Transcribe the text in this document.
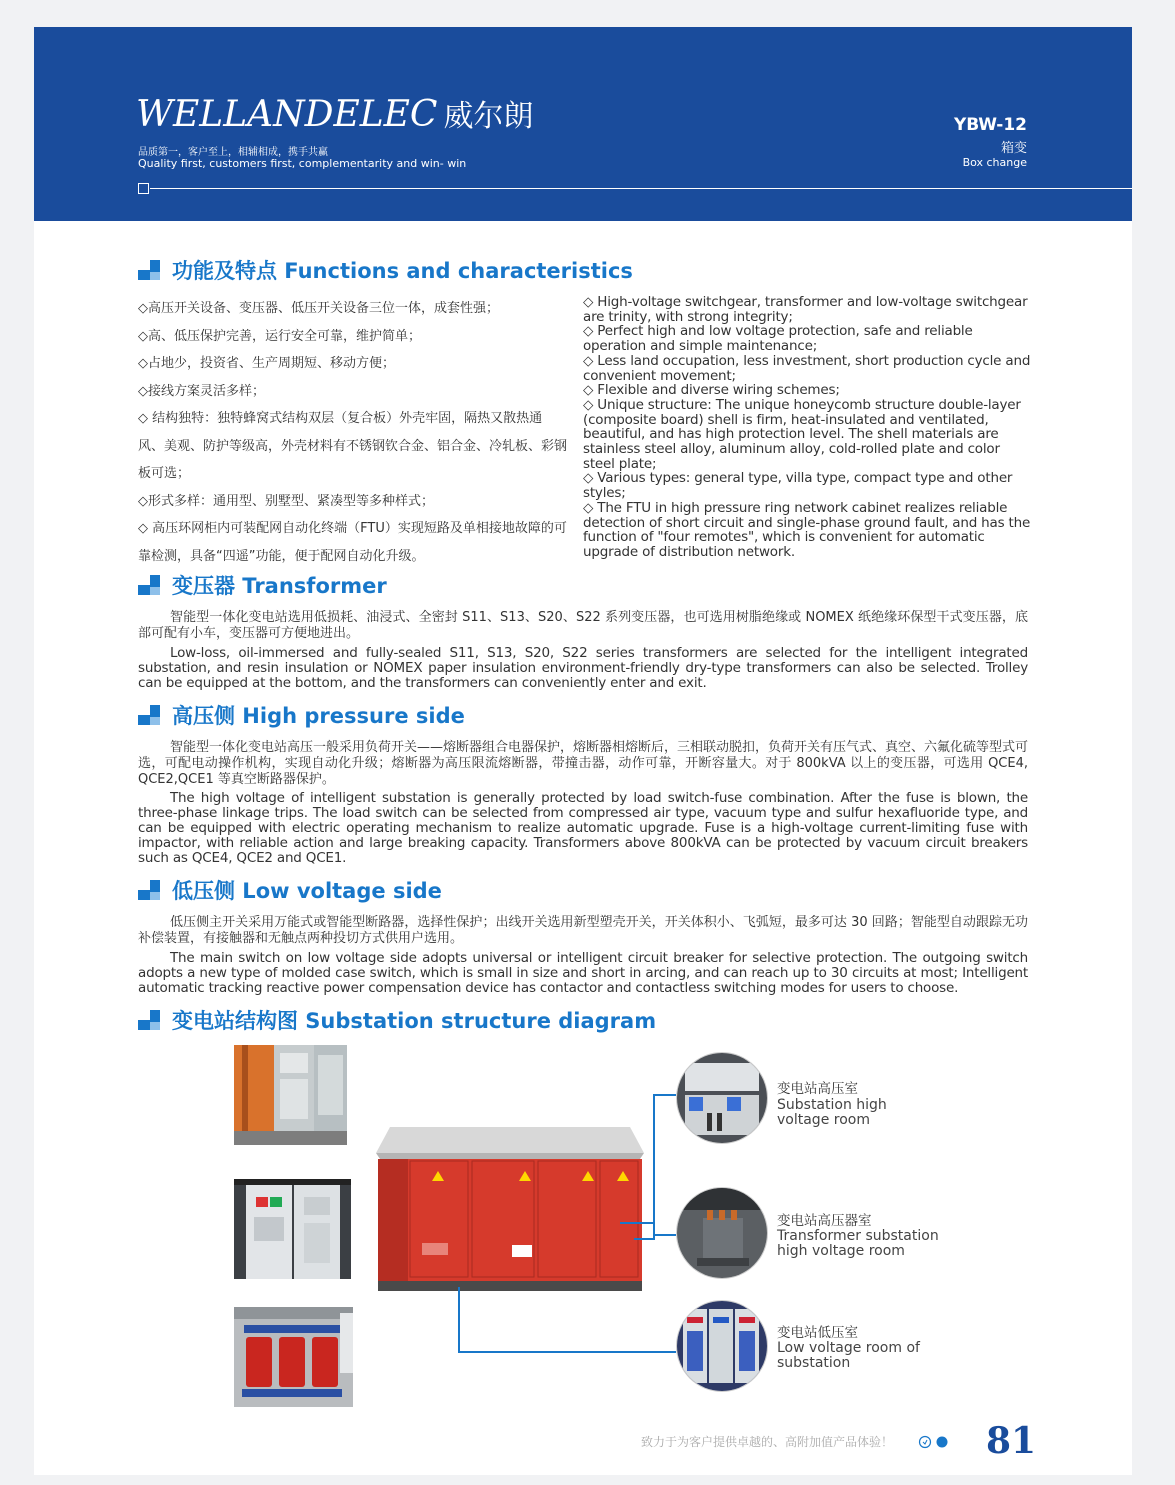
WELLANDELEC 威尔朗
品质第一，客户至上，相辅相成，携手共赢
Quality first, customers first, complementarity and win- win
YBW-12
箱变
Box change
功能及特点 Functions and characteristics
◇高压开关设备、变压器、低压开关设备三位一体，成套性强；
◇高、低压保护完善，运行安全可靠，维护简单；
◇占地少，投资省、生产周期短、移动方便；
◇接线方案灵活多样；
◇ 结构独特：独特蜂窝式结构双层（复合板）外壳牢固，隔热又散热通风、美观、防护等级高，外壳材料有不锈钢钦合金、铝合金、冷轧板、彩钢板可选；
◇形式多样：通用型、别墅型、紧凑型等多种样式；
◇ 高压环网柜内可装配网自动化终端（FTU）实现短路及单相接地故障的可靠检测，具备“四遥”功能，便于配网自动化升级。
◇ High-voltage switchgear, transformer and low-voltage switchgear are trinity, with strong integrity;
◇ Perfect high and low voltage protection, safe and reliable operation and simple maintenance;
◇ Less land occupation, less investment, short production cycle and convenient movement;
◇ Flexible and diverse wiring schemes;
◇ Unique structure: The unique honeycomb structure double-layer (composite board) shell is firm, heat-insulated and ventilated, beautiful, and has high protection level. The shell materials are stainless steel alloy, aluminum alloy, cold-rolled plate and color steel plate;
◇ Various types: general type, villa type, compact type and other styles;
◇ The FTU in high pressure ring network cabinet realizes reliable detection of short circuit and single-phase ground fault, and has the function of "four remotes", which is convenient for automatic upgrade of distribution network.
变压器 Transformer
智能型一体化变电站选用低损耗、油浸式、全密封 S11、S13、S20、S22 系列变压器，也可选用树脂绝缘或 NOMEX 纸绝缘环保型干式变压器，底部可配有小车，变压器可方便地进出。
Low-loss, oil-immersed and fully-sealed S11, S13, S20, S22 series transformers are selected for the intelligent integrated substation, and resin insulation or NOMEX paper insulation environment-friendly dry-type transformers can also be selected. Trolley can be equipped at the bottom, and the transformers can conveniently enter and exit.
高压侧 High pressure side
智能型一体化变电站高压一般采用负荷开关——熔断器组合电器保护，熔断器相熔断后，三相联动脱扣，负荷开关有压气式、真空、六氟化硫等型式可选，可配电动操作机构，实现自动化升级；熔断器为高压限流熔断器，带撞击器，动作可靠，开断容量大。对于 800kVA 以上的变压器，可选用 QCE4, QCE2,QCE1 等真空断路器保护。
The high voltage of intelligent substation is generally protected by load switch-fuse combination. After the fuse is blown, the three-phase linkage trips. The load switch can be selected from compressed air type, vacuum type and sulfur hexafluoride type, and can be equipped with electric operating mechanism to realize automatic upgrade. Fuse is a high-voltage current-limiting fuse with impactor, with reliable action and large breaking capacity. Transformers above 800kVA can be protected by vacuum circuit breakers such as QCE4, QCE2 and QCE1.
低压侧 Low voltage side
低压侧主开关采用万能式或智能型断路器，选择性保护；出线开关选用新型塑壳开关，开关体积小、飞弧短，最多可达 30 回路；智能型自动跟踪无功补偿装置，有接触器和无触点两种投切方式供用户选用。
The main switch on low voltage side adopts universal or intelligent circuit breaker for selective protection. The outgoing switch adopts a new type of molded case switch, which is small in size and short in arcing, and can reach up to 30 circuits at most; Intelligent automatic tracking reactive power compensation device has contactor and contactless switching modes for users to choose.
变电站结构图 Substation structure diagram
变电站高压室
Substation high voltage room
变电站高压器室
Transformer substation high voltage room
变电站低压室
Low voltage room of substation
致力于为客户提供卓越的、高附加值产品体验！	81
